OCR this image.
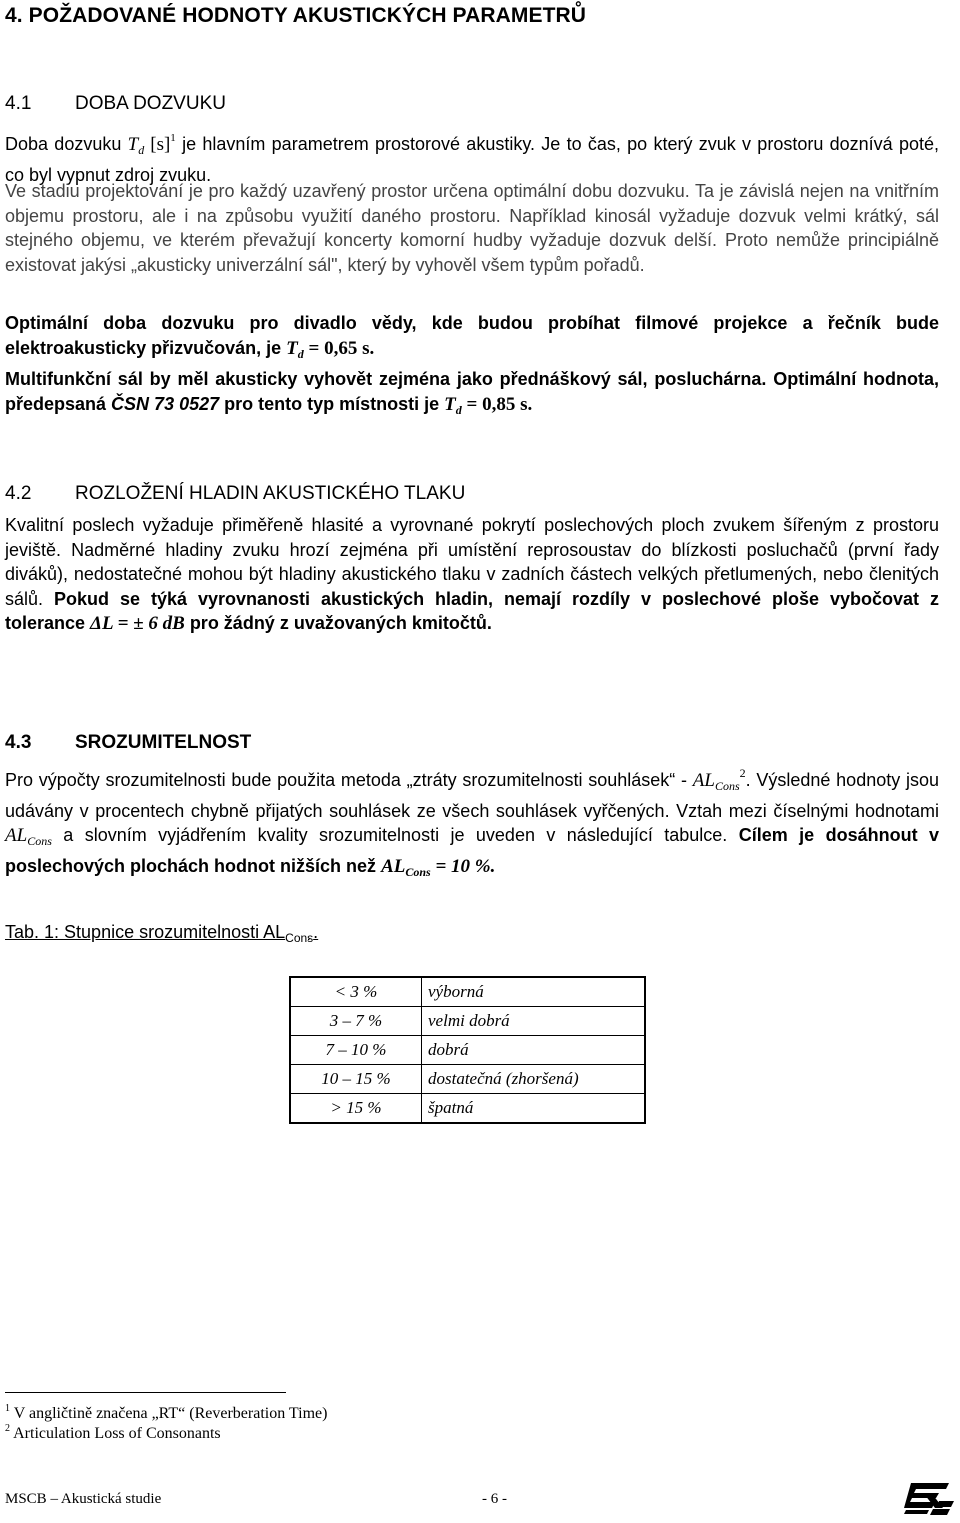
4. POŽADOVANÉ HODNOTY AKUSTICKÝCH PARAMETRŮ
4.1 DOBA DOZVUKU

Doba dozvuku $T_d$ $[s]^1$ je hlavním parametrem prostorové akustiky. Je to čas, po který zvuk v prostoru doznívá poté, co byl vypnut zdroj zvuku.

Ve stadiu projektování je pro každý uzavřený prostor určena optimální dobu dozvuku. Ta je závislá nejen na vnitřním objemu prostoru, ale i na způsobu využití daného prostoru. Například kinosál vyžaduje dozvuk velmi krátký, sál stejného objemu, ve kterém převažují koncerty komorní hudby vyžaduje dozvuk delší. Proto nemůže principiálně existovat jakýsi „akusticky univerzální sál", který by vyhověl všem typům pořadů.

Optimální doba dozvuku pro divadlo vědy, kde budou probíhat filmové projekce a řečník bude elektroakusticky přizvučován, je $T_d = 0,65$ s.

Multifunkční sál by měl akusticky vyhovět zejména jako přednáškový sál, posluchárna. Optimální hodnota, předepsaná ČSN 73 0527 pro tento typ místnosti je $T_d = 0,85$ s.

4.2 ROZLOŽENÍ HLADIN AKUSTICKÉHO TLAKU

Kvalitní poslech vyžaduje přiměřeně hlasité a vyrovnané pokrytí poslechových ploch zvukem šířeným z prostoru jeviště. Nadměrné hladiny zvuku hrozí zejména při umístění reprosoustav do blízkosti posluchačů (první řady diváků), nedostatečné mohou být hladiny akustického tlaku v zadních částech velkých přetlumených, nebo členitých sálů. Pokud se týká vyrovnanosti akustických hladin, nemají rozdíly v poslechové ploše vybočovat z tolerance ΔL = ± 6 dB pro žádný z uvažovaných kmitočtů.

4.3 SROZUMITELNOST

Pro výpočty srozumitelnosti bude použita metoda „ztráty srozumitelnosti souhlásek“ - $AL_{Cons}^2$. Výsledné hodnoty jsou udávány v procentech chybně přijatých souhlásek ze všech souhlásek vyřčených. Vztah mezi číselnými hodnotami $AL_{Cons}$ a slovním vyjádřením kvality srozumitelnosti je uveden v následující tabulce. Cílem je dosáhnout v poslechových plochách hodnot nižších než $AL_{Cons} = 10$ %.

Tab. 1: Stupnice srozumitelnosti $AL_{Cons}$.
< 3 %	výborná
3 – 7 %	velmi dobrá
7 – 10 %	dobrá
10 – 15 %	dostatečná (zhoršená)
> 15 %	špatná
$^1$ V angličtině značena „RT“ (Reverberation Time)
$^2$ Articulation Loss of Consonants
MSCB – Akustická studie	- 6 -
